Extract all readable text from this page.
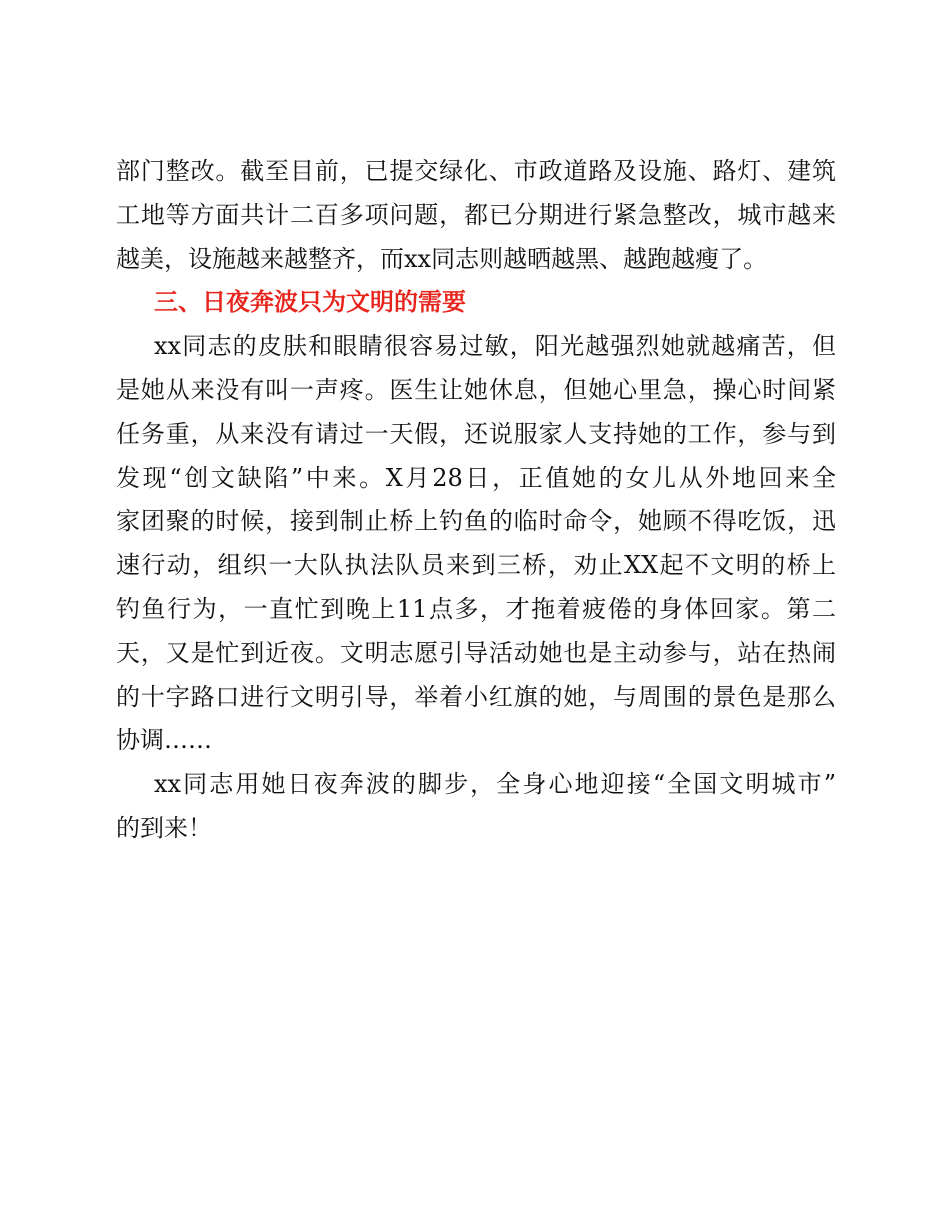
部门整改。截至目前，已提交绿化、市政道路及设施、路灯、建筑
工地等方面共计二百多项问题，都已分期进行紧急整改，城市越来
越美，设施越来越整齐，而xx同志则越晒越黑、越跑越瘦了。
三、日夜奔波只为文明的需要
xx同志的皮肤和眼睛很容易过敏，阳光越强烈她就越痛苦，但
是她从来没有叫一声疼。医生让她休息，但她心里急，操心时间紧
任务重，从来没有请过一天假，还说服家人支持她的工作，参与到
发现“创文缺陷”中来。X月28日，正值她的女儿从外地回来全
家团聚的时候，接到制止桥上钓鱼的临时命令，她顾不得吃饭，迅
速行动，组织一大队执法队员来到三桥，劝止XX起不文明的桥上
钓鱼行为，一直忙到晚上11点多，才拖着疲倦的身体回家。第二
天，又是忙到近夜。文明志愿引导活动她也是主动参与，站在热闹
的十字路口进行文明引导，举着小红旗的她，与周围的景色是那么
协调……
xx同志用她日夜奔波的脚步，全身心地迎接“全国文明城市”
的到来！
